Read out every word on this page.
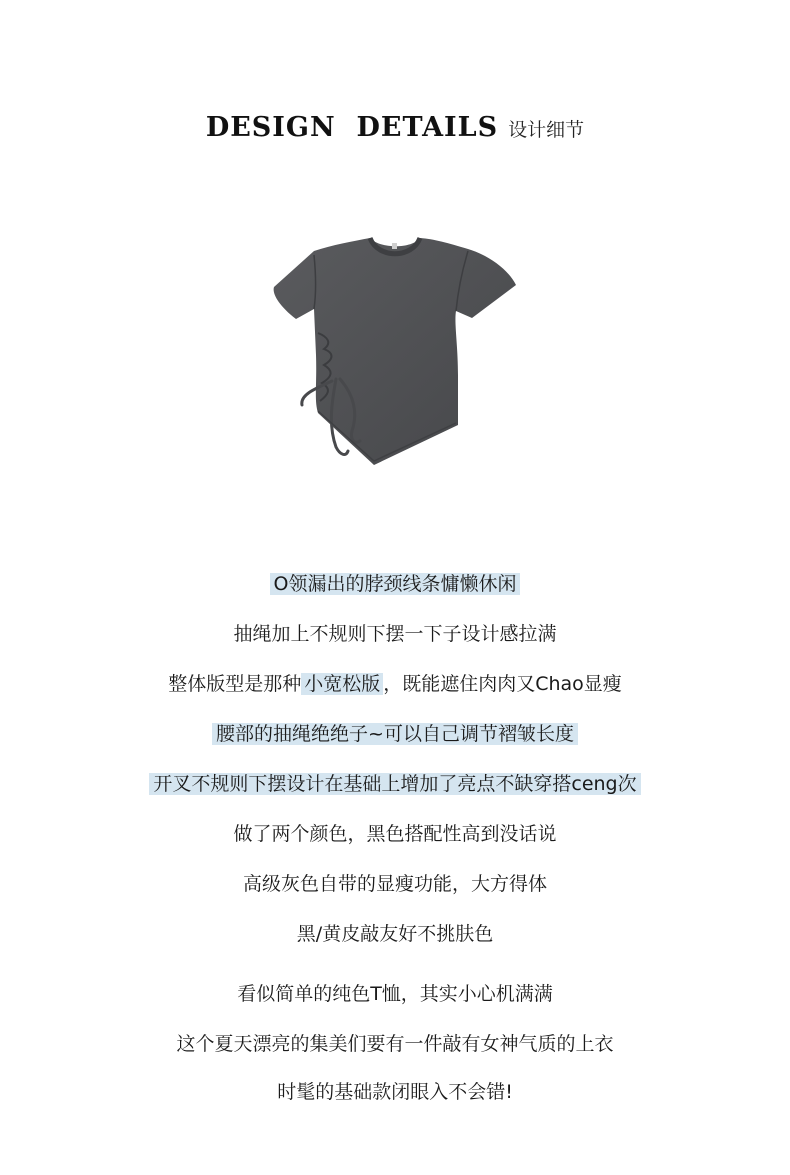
DESIGN  DETAILS 设计细节
O领漏出的脖颈线条慵懒休闲
抽绳加上不规则下摆一下子设计感拉满
整体版型是那种 小宽松版 ，既能遮住肉肉又Chao显瘦
腰部的抽绳绝绝子~可以自己调节褶皱长度
开叉不规则下摆设计在基础上增加了亮点不缺穿搭ceng次
做了两个颜色，黑色搭配性高到没话说
高级灰色自带的显瘦功能，大方得体
黑/黄皮敲友好不挑肤色
看似简单的纯色T恤，其实小心机满满
这个夏天漂亮的集美们要有一件敲有女神气质的上衣
时髦的基础款闭眼入不会错!
